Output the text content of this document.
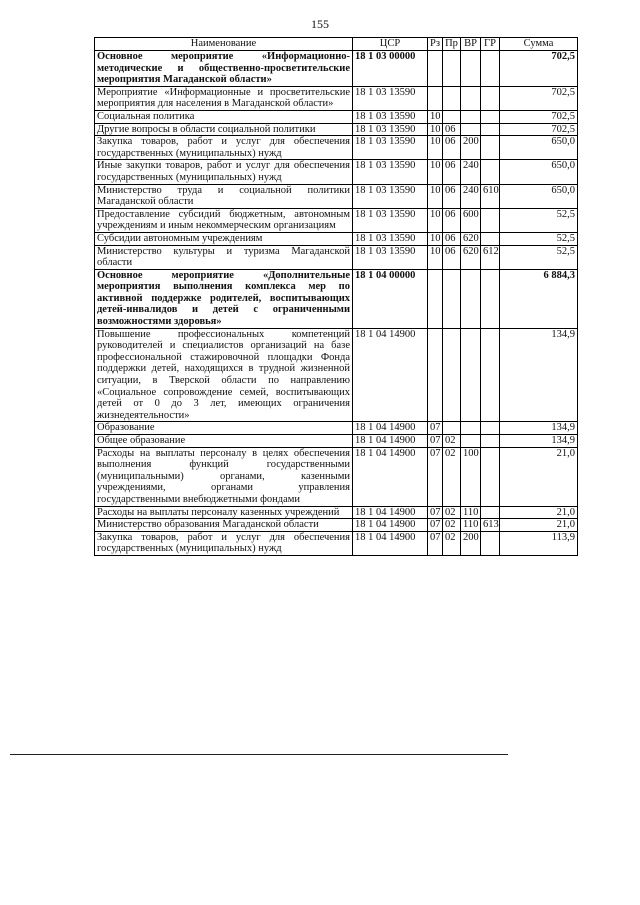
155
Наименование	ЦСР	Рз	Пр	ВР	ГР	Сумма
Основное мероприятие «Информационно-методические и общественно-просветительские мероприятия Магаданской области»	18 1 03 00000					702,5
Мероприятие «Информационные и просветительские мероприятия для населения в Магаданской области»	18 1 03 13590					702,5
Социальная политика	18 1 03 13590	10				702,5
Другие вопросы в области социальной политики	18 1 03 13590	10	06			702,5
Закупка товаров, работ и услуг для обеспечения государственных (муниципальных) нужд	18 1 03 13590	10	06	200		650,0
Иные закупки товаров, работ и услуг для обеспечения государственных (муниципальных) нужд	18 1 03 13590	10	06	240		650,0
Министерство труда и социальной политики Магаданской области	18 1 03 13590	10	06	240	610	650,0
Предоставление субсидий бюджетным, автономным учреждениям и иным некоммерческим организациям	18 1 03 13590	10	06	600		52,5
Субсидии автономным учреждениям	18 1 03 13590	10	06	620		52,5
Министерство культуры и туризма Магаданской области	18 1 03 13590	10	06	620	612	52,5
Основное мероприятие «Дополнительные мероприятия выполнения комплекса мер по активной поддержке родителей, воспитывающих детей-инвалидов и детей с ограниченными возможностями здоровья»	18 1 04 00000					6 884,3
Повышение профессиональных компетенций руководителей и специалистов организаций на базе профессиональной стажировочной площадки Фонда поддержки детей, находящихся в трудной жизненной ситуации, в Тверской области по направлению «Социальное сопровождение семей, воспитывающих детей от 0 до 3 лет, имеющих ограничения жизнедеятельности»	18 1 04 14900					134,9
Образование	18 1 04 14900	07				134,9
Общее образование	18 1 04 14900	07	02			134,9
Расходы на выплаты персоналу в целях обеспечения выполнения функций государственными (муниципальными) органами, казенными учреждениями, органами управления государственными внебюджетными фондами	18 1 04 14900	07	02	100		21,0
Расходы на выплаты персоналу казенных учреждений	18 1 04 14900	07	02	110		21,0
Министерство образования Магаданской области	18 1 04 14900	07	02	110	613	21,0
Закупка товаров, работ и услуг для обеспечения государственных (муниципальных) нужд	18 1 04 14900	07	02	200		113,9
